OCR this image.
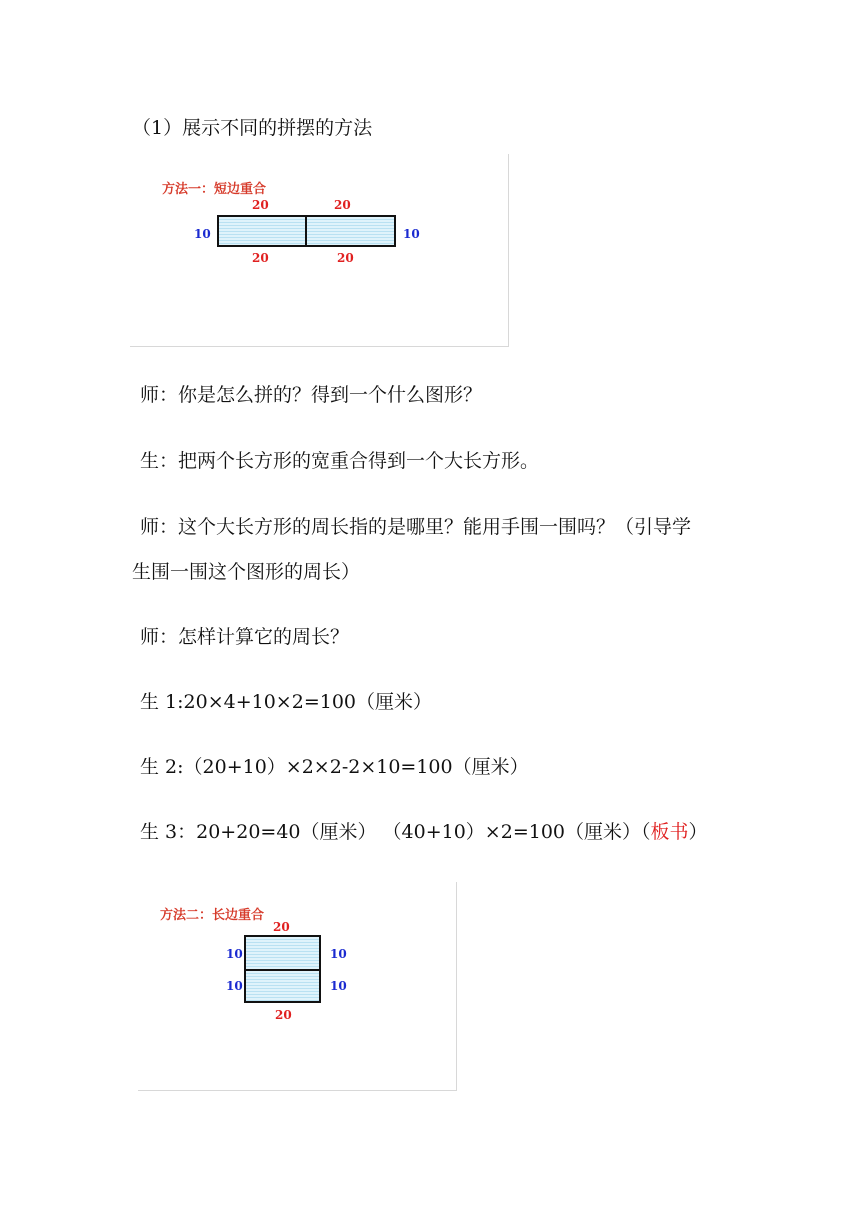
（1）展示不同的拼摆的方法
方法一：短边重合
20	20
10	10
20	20
师：你是怎么拼的？得到一个什么图形？
生：把两个长方形的宽重合得到一个大长方形。
师：这个大长方形的周长指的是哪里？能用手围一围吗？（引导学
生围一围这个图形的周长）
师：怎样计算它的周长？
生 1:20×4+10×2=100（厘米）
生 2:（20+10）×2×2-2×10=100（厘米）
生 3：20+20=40（厘米） （40+10）×2=100（厘米）（板书）
方法二：长边重合
20
10
10
10
10
20
